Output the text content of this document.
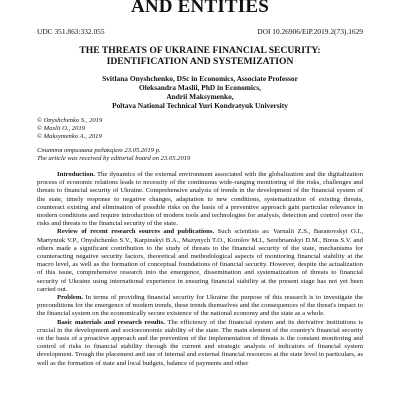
AND ENTITIES
UDC 351.863:332.055	DOI 10.26906/EiP.2019.2(73).1629
THE THREATS OF UKRAINE FINANCIAL SECURITY:
IDENTIFICATION AND SYSTEMIZATION
Svitlana Onyshchenko, DSc in Economics, Associate Professor
Oleksandra Masliі, PhD in Economics,
Andrii Maksymenko,
Poltava National Technical Yuri Kondratyuk University
© Onyshchenko S., 2019
© Maslii O., 2019
© Maksymenko A., 2019
Стаття отримана редакцією 23.05.2019 р.
The article was received by editorial board on 23.05.2019

Introduction. The dynamics of the external environment associated with the globalization and the digitalization process of economic relations leads to necessity of the continuous wide-ranging monitoring of the risks, challenges and threats to financial security of Ukraine. Comprehensive analysis of trends in the development of the financial system of the state, timely response to negative changes, adaptation to new conditions, systematization of existing threats, counteract existing and elimination of possible risks on the basis of a preventive approach gain particular relevance in modern conditions and require introduction of modern tools and technologies for analysis, detection and control over the risks and threats to the financial security of the state.

Review of recent research sources and publications. Such scientists as: Varnalii Z.S., Baranovskyi O.I., Martyniuk V.P., Onyshchenko S.V., Karpinskyi B.A., Mazynych T.O., Korolov M.I., Serebrianskyi D.M., Breus S.V. and others made a significant contribution to the study of threats to the financial security of the state, mechanisms for counteracting negative security factors, theoretical and methodological aspects of monitoring financial stability at the macro level, as well as the formation of conceptual foundations of financial security. However, despite the actualization of this issue, comprehensive research into the emergence, dissemination and systematization of threats to financial security of Ukraine using international experience in ensuring financial stability at the present stage has not yet been carried out.

Problem. In terms of providing financial security for Ukraine the purpose of this research is to investigate the preconditions for the emergence of modern trends, these trends themselves and the consequences of the threat's impact to the financial system on the economically secure existence of the national economy and the state as a whole.

Basic materials and research results. The efficiency of the financial system and its derivative institutions is crucial in the development and socioeconomic stability of the state. The main element of the country's financial security on the basis of a proactive approach and the prevention of the implementation of threats is the constant monitoring and control of risks to financial stability through the current and strategic analysis of indicators of financial system development. Trough the placement and use of internal and external financial resources at the state level in particulars, as well as the formation of state and local budgets, balance of payments and other
